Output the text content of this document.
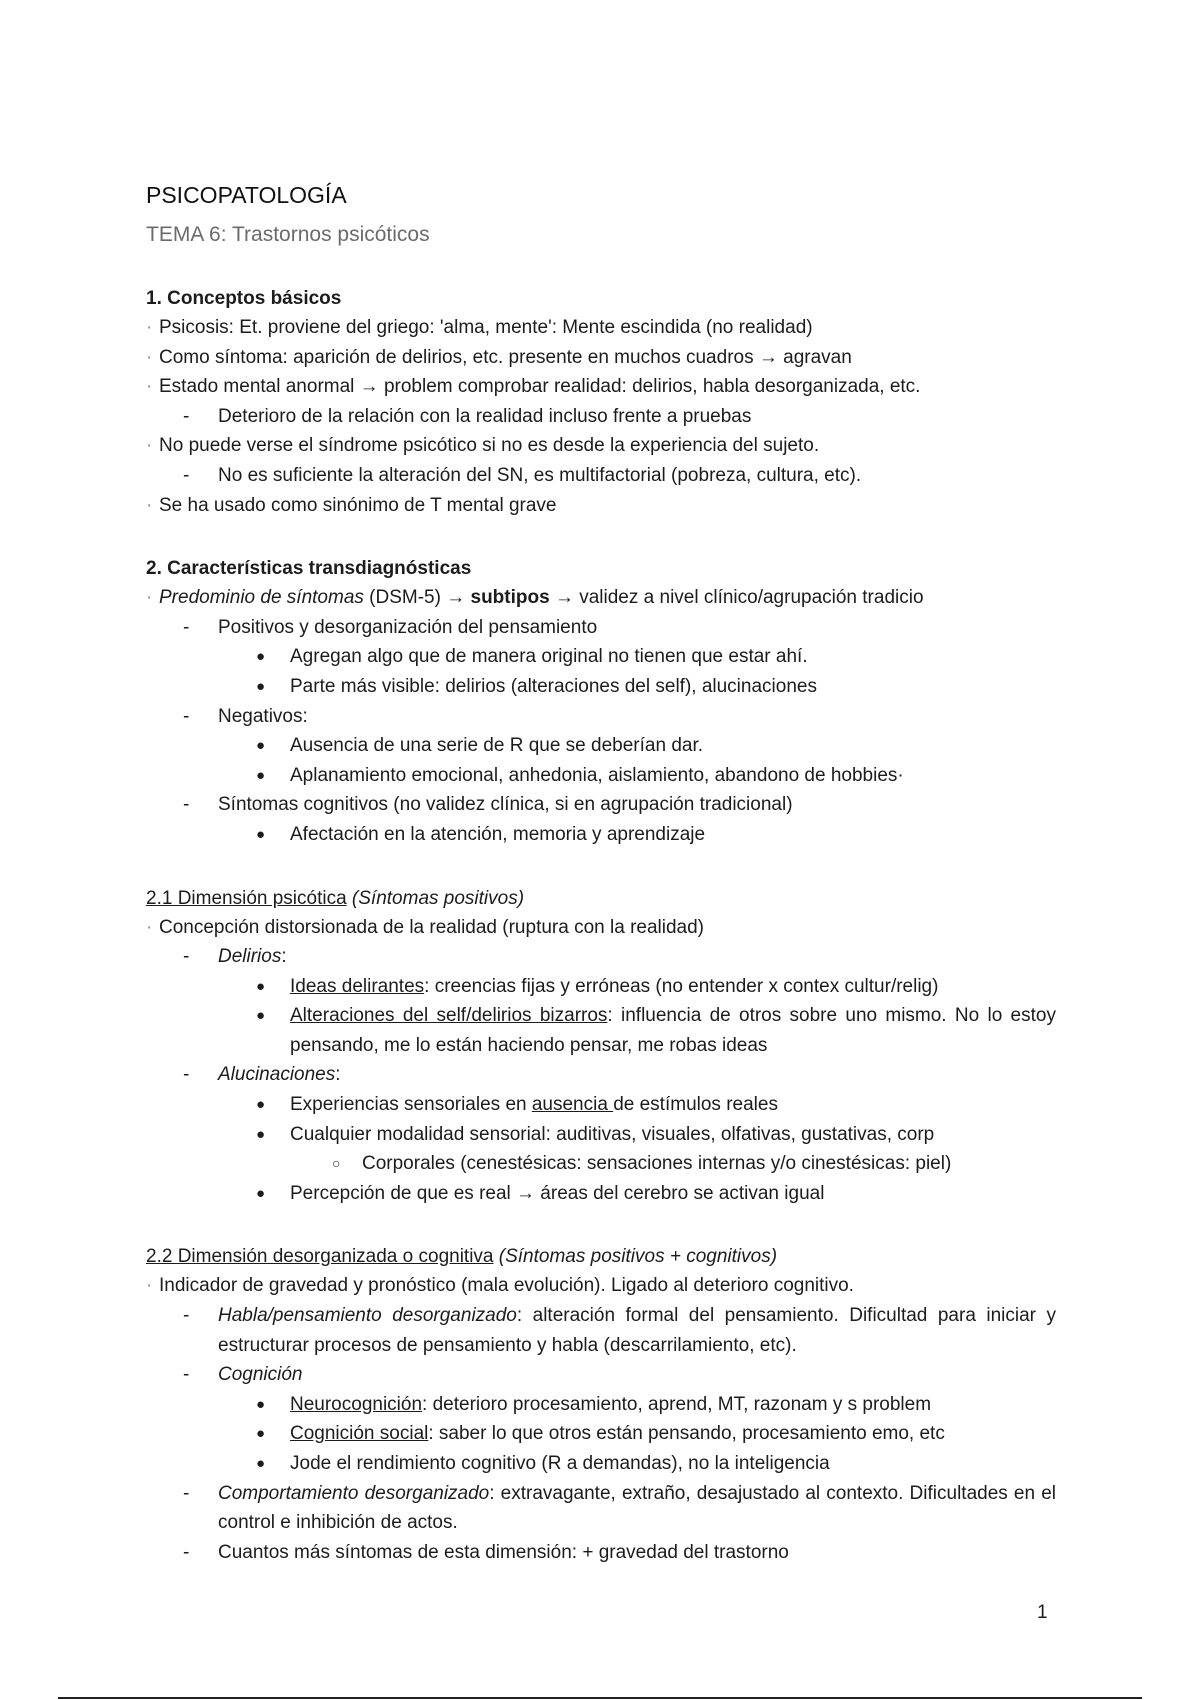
PSICOPATOLOGÍA

TEMA 6: Trastornos psicóticos

1. Conceptos básicos

· Psicosis: Et. proviene del griego: 'alma, mente': Mente escindida (no realidad)

· Como síntoma: aparición de delirios, etc. presente en muchos cuadros → agravan

· Estado mental anormal → problem comprobar realidad: delirios, habla desorganizada, etc.

- Deterioro de la relación con la realidad incluso frente a pruebas

· No puede verse el síndrome psicótico si no es desde la experiencia del sujeto.

- No es suficiente la alteración del SN, es multifactorial (pobreza, cultura, etc).

· Se ha usado como sinónimo de T mental grave

2. Características transdiagnósticas

· Predominio de síntomas (DSM-5) → subtipos → validez a nivel clínico/agrupación tradicio

- Positivos y desorganización del pensamiento

● Agregan algo que de manera original no tienen que estar ahí.

● Parte más visible: delirios (alteraciones del self), alucinaciones

- Negativos:

● Ausencia de una serie de R que se deberían dar.

● Aplanamiento emocional, anhedonia, aislamiento, abandono de hobbies·

- Síntomas cognitivos (no validez clínica, si en agrupación tradicional)

● Afectación en la atención, memoria y aprendizaje

2.1 Dimensión psicótica (Síntomas positivos)

· Concepción distorsionada de la realidad (ruptura con la realidad)

- Delirios:

● Ideas delirantes: creencias fijas y erróneas (no entender x contex cultur/relig)

● Alteraciones del self/delirios bizarros: influencia de otros sobre uno mismo. No lo estoy pensando, me lo están haciendo pensar, me robas ideas

- Alucinaciones:

● Experiencias sensoriales en ausencia de estímulos reales

● Cualquier modalidad sensorial: auditivas, visuales, olfativas, gustativas, corp

○ Corporales (cenestésicas: sensaciones internas y/o cinestésicas: piel)

● Percepción de que es real → áreas del cerebro se activan igual

2.2 Dimensión desorganizada o cognitiva (Síntomas positivos + cognitivos)

· Indicador de gravedad y pronóstico (mala evolución). Ligado al deterioro cognitivo.

- Habla/pensamiento desorganizado: alteración formal del pensamiento. Dificultad para iniciar y estructurar procesos de pensamiento y habla (descarrilamiento, etc).

- Cognición

● Neurocognición: deterioro procesamiento, aprend, MT, razonam y s problem

● Cognición social: saber lo que otros están pensando, procesamiento emo, etc

● Jode el rendimiento cognitivo (R a demandas), no la inteligencia

- Comportamiento desorganizado: extravagante, extraño, desajustado al contexto. Dificultades en el control e inhibición de actos.

- Cuantos más síntomas de esta dimensión: + gravedad del trastorno

1
